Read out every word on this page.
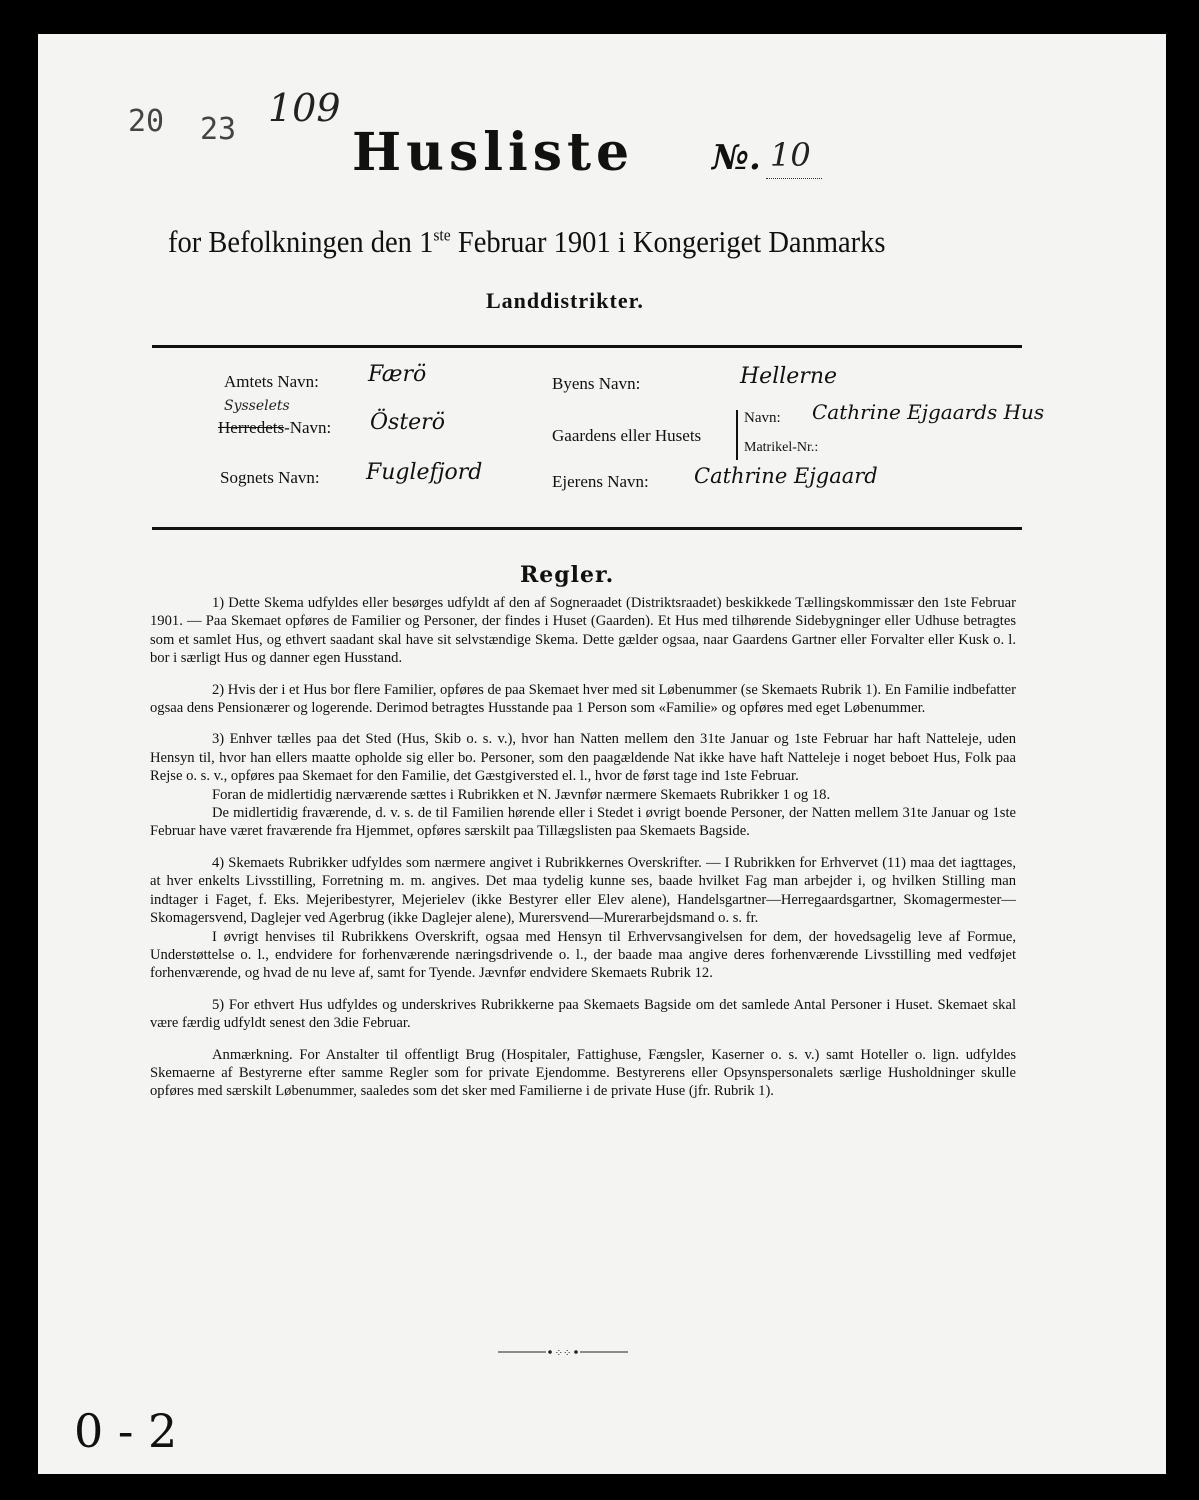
20 23 109
Husliste №. 10
for Befolkningen den 1ste Februar 1901 i Kongeriget Danmarks
Landdistrikter.
Amtets Navn: Færö
Sysselets
Herredets-Navn: Österö
Sognets Navn: Fuglefjord
Byens Navn:	Hellerne
Gaardens eller Husets
Navn: Cathrine Ejgaards Hus
Matrikel-Nr.:
Ejerens Navn: Cathrine Ejgaard
Regler.

1) Dette Skema udfyldes eller besørges udfyldt af den af Sogneraadet (Distriktsraadet) beskikkede Tællingskommissær den 1ste Februar 1901. — Paa Skemaet opføres de Familier og Personer, der findes i Huset (Gaarden). Et Hus med tilhørende Sidebygninger eller Udhuse betragtes som et samlet Hus, og ethvert saadant skal have sit selvstændige Skema. Dette gælder ogsaa, naar Gaardens Gartner eller Forvalter eller Kusk o. l. bor i særligt Hus og danner egen Husstand.

2) Hvis der i et Hus bor flere Familier, opføres de paa Skemaet hver med sit Løbenummer (se Skemaets Rubrik 1). En Familie indbefatter ogsaa dens Pensionærer og logerende. Derimod betragtes Husstande paa 1 Person som «Familie» og opføres med eget Løbenummer.

3) Enhver tælles paa det Sted (Hus, Skib o. s. v.), hvor han Natten mellem den 31te Januar og 1ste Februar har haft Natteleje, uden Hensyn til, hvor han ellers maatte opholde sig eller bo. Personer, som den paagældende Nat ikke have haft Natteleje i noget beboet Hus, Folk paa Rejse o. s. v., opføres paa Skemaet for den Familie, det Gæstgiversted el. l., hvor de først tage ind 1ste Februar.

Foran de midlertidig nærværende sættes i Rubrikken et N. Jævnfør nærmere Skemaets Rubrikker 1 og 18.

De midlertidig fraværende, d. v. s. de til Familien hørende eller i Stedet i øvrigt boende Personer, der Natten mellem 31te Januar og 1ste Februar have været fraværende fra Hjemmet, opføres særskilt paa Tillægslisten paa Skemaets Bagside.

4) Skemaets Rubrikker udfyldes som nærmere angivet i Rubrikkernes Overskrifter. — I Rubrikken for Erhvervet (11) maa det iagttages, at hver enkelts Livsstilling, Forretning m. m. angives. Det maa tydelig kunne ses, baade hvilket Fag man arbejder i, og hvilken Stilling man indtager i Faget, f. Eks. Mejeribestyrer, Mejerielev (ikke Bestyrer eller Elev alene), Handelsgartner—Herregaardsgartner, Skomagermester—Skomagersvend, Daglejer ved Agerbrug (ikke Daglejer alene), Murersvend—Murerarbejdsmand o. s. fr.

I øvrigt henvises til Rubrikkens Overskrift, ogsaa med Hensyn til Erhvervsangivelsen for dem, der hovedsagelig leve af Formue, Understøttelse o. l., endvidere for forhenværende næringsdrivende o. l., der baade maa angive deres forhenværende Livsstilling med vedføjet forhenværende, og hvad de nu leve af, samt for Tyende. Jævnfør endvidere Skemaets Rubrik 12.

5) For ethvert Hus udfyldes og underskrives Rubrikkerne paa Skemaets Bagside om det samlede Antal Personer i Huset. Skemaet skal være færdig udfyldt senest den 3die Februar.

Anmærkning. For Anstalter til offentligt Brug (Hospitaler, Fattighuse, Fængsler, Kaserner o. s. v.) samt Hoteller o. lign. udfyldes Skemaerne af Bestyrerne efter samme Regler som for private Ejendomme. Bestyrerens eller Opsynspersonalets særlige Husholdninger skulle opføres med særskilt Løbenummer, saaledes som det sker med Familierne i de private Huse (jfr. Rubrik 1).

⁘⁘
0 - 2
